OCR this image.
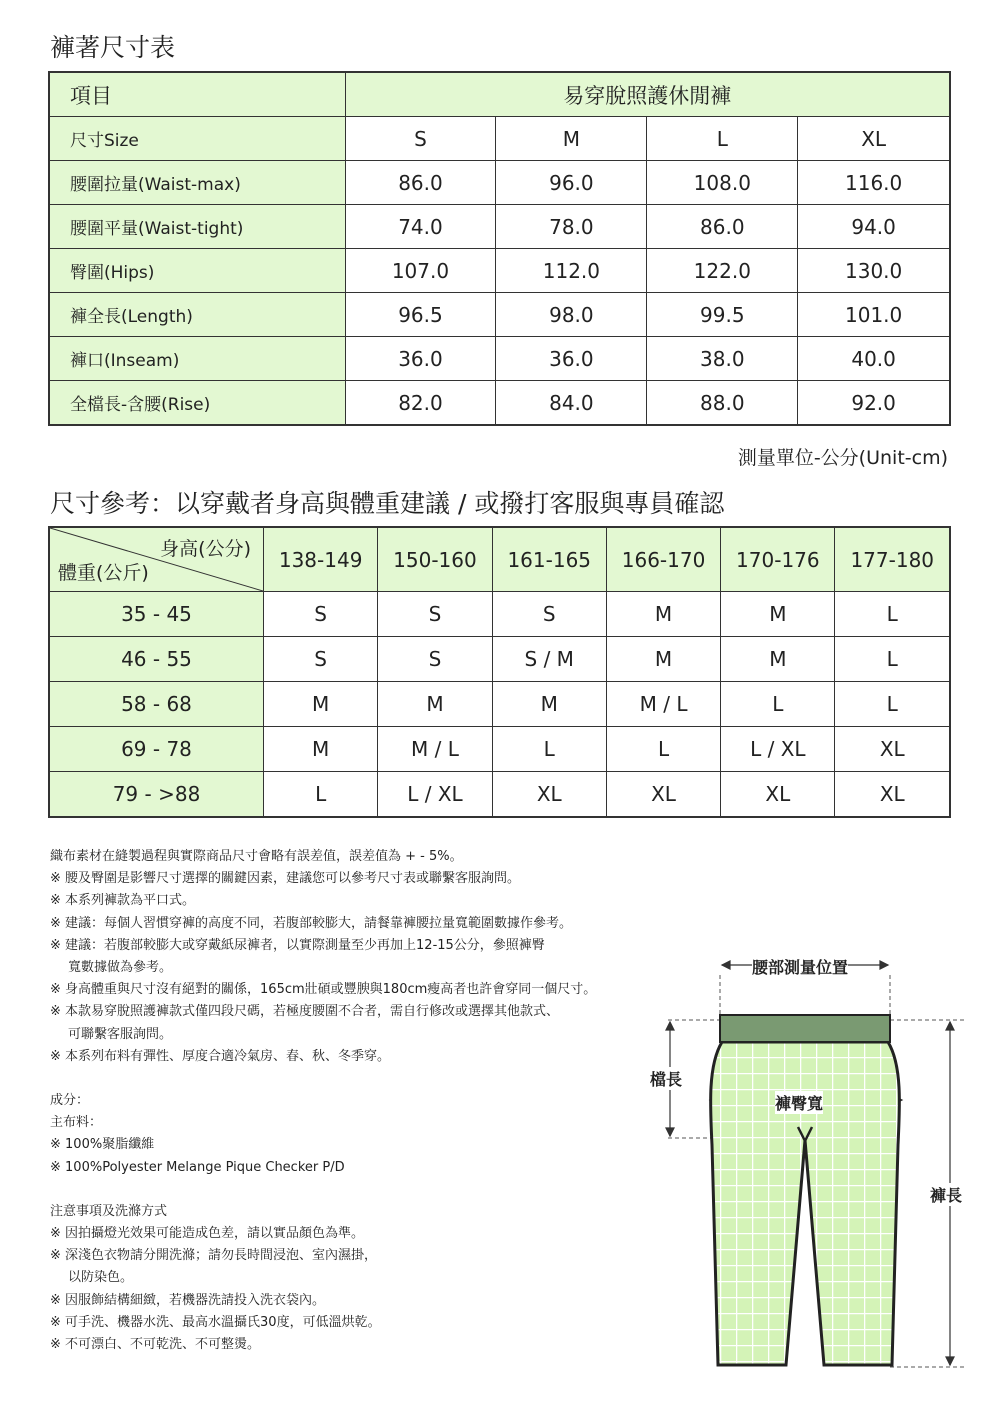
褲著尺寸表
項目	易穿脫照護休閒褲			
尺寸Size	S	M	L	XL
腰圍拉量(Waist-max)	86.0	96.0	108.0	116.0
腰圍平量(Waist-tight)	74.0	78.0	86.0	94.0
臀圍(Hips)	107.0	112.0	122.0	130.0
褲全長(Length)	96.5	98.0	99.5	101.0
褲口(Inseam)	36.0	36.0	38.0	40.0
全檔長-含腰(Rise)	82.0	84.0	88.0	92.0
測量單位-公分(Unit-cm)
尺寸參考：以穿戴者身高與體重建議 / 或撥打客服與專員確認
身高(公分)
體重(公斤)	138-149	150-160	161-165	166-170	170-176	177-180
35 - 45	S	S	S	M	M	L
46 - 55	S	S	S / M	M	M	L
58 - 68	M	M	M	M / L	L	L
69 - 78	M	M / L	L	L	L / XL	XL
79 - >88	L	L / XL	XL	XL	XL	XL

織布素材在縫製過程與實際商品尺寸會略有誤差值，誤差值為 + - 5%。

※ 腰及臀圍是影響尺寸選擇的關鍵因素，建議您可以參考尺寸表或聯繫客服詢問。

※ 本系列褲款為平口式。

※ 建議：每個人習慣穿褲的高度不同，若腹部較膨大，請餐靠褲腰拉量寬範圍數據作參考。

※ 建議：若腹部較膨大或穿戴紙尿褲者，以實際測量至少再加上12-15公分，參照褲臀

寬數據做為參考。

※ 身高體重與尺寸沒有絕對的關係，165cm壯碩或豐腴與180cm瘦高者也許會穿同一個尺寸。

※ 本款易穿脫照護褲款式僅四段尺碼，若極度腰圍不合者，需自行修改或選擇其他款式、

可聯繫客服詢問。

※ 本系列布料有彈性、厚度合適冷氣房、春、秋、冬季穿。

成分：

主布料：

※ 100%聚脂纖維

※ 100%Polyester Melange Pique Checker P/D

注意事項及洗滌方式

※ 因拍攝燈光效果可能造成色差，請以實品顏色為準。

※ 深淺色衣物請分開洗滌；請勿長時間浸泡、室內濕掛，

以防染色。

※ 因服飾結構細緻，若機器洗請投入洗衣袋內。

※ 可手洗、機器水洗、最高水溫攝氏30度，可低溫烘乾。

※ 不可漂白、不可乾洗、不可整燙。

腰部測量位置
檔長
褲臀寬
褲長
